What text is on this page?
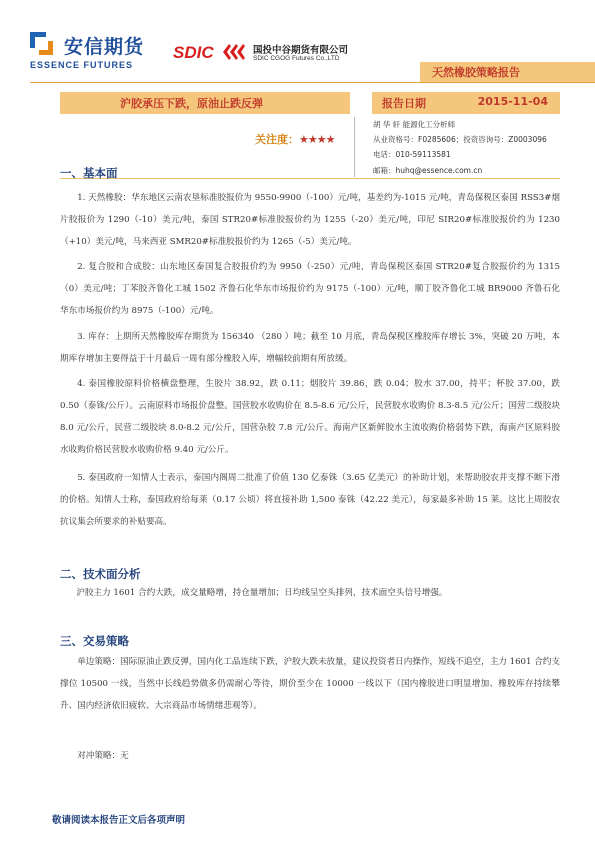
安信期货
ESSENCE FUTURES
SDIC	国投中谷期货有限公司
SDIC CGOG Futures Co.,LTD
天然橡胶策略报告
沪胶承压下跌，原油止跌反弹	报告日期	2015-11-04
关注度：★★★★
胡 华 轩 能源化工分析师
从业资格号：F0285606；投资咨询号：Z0003096
电话：010-59113581
邮箱：huhq@essence.com.cn
一、基本面
1. 天然橡胶：华东地区云南农垦标准胶报价为 9550-9900（-100）元/吨，基差约为-1015 元/吨，青岛保税区泰国 RSS3#烟片胶报价为 1290（-10）美元/吨，泰国 STR20#标准胶报价约为 1255（-20）美元/吨，印尼 SIR20#标准胶报价约为 1230（+10）美元/吨，马来西亚 SMR20#标准胶报价约为 1265（-5）美元/吨。
2. 复合胶和合成胶：山东地区泰国复合胶报价约为 9950（-250）元/吨，青岛保税区泰国 STR20#复合胶报价约为 1315（0）美元/吨；丁苯胶齐鲁化工城 1502 齐鲁石化华东市场报价约为 9175（-100）元/吨，顺丁胶齐鲁化工城 BR9000 齐鲁石化华东市场报价约为 8975（-100）元/吨。
3. 库存：上期所天然橡胶库存期货为 156340 （280 ）吨；截至 10 月底，青岛保税区橡胶库存增长 3%，突破 20 万吨，本期库存增加主要得益于十月最后一周有部分橡胶入库，增幅较前期有所放缓。
4. 泰国橡胶原料价格横盘整理，生胶片 38.92，跌 0.11；烟胶片 39.86，跌 0.04；胶水 37.00，持平；杯胶 37.00，跌 0.50（泰铢/公斤）。云南原料市场报价盘整。国营胶水收购价在 8.5-8.6 元/公斤，民营胶水收购价 8.3-8.5 元/公斤；国营二级胶块 8.0 元/公斤，民营二级胶块 8.0-8.2 元/公斤，国营杂胶 7.8 元/公斤。海南产区新鲜胶水主流收购价格弱势下跌，海南产区原料胶水收购价格民营胶水收购价格 9.40 元/公斤。
5. 泰国政府一知情人士表示，泰国内阁周二批准了价值 130 亿泰铢（3.65 亿美元）的补助计划，来帮助胶农并支撑不断下滑的价格。知情人士称，泰国政府给每莱（0.17 公顷）将直接补助 1,500 泰铢（42.22 美元），每家最多补助 15 莱。这比上周胶农抗议集会所要求的补贴要高。
二、技术面分析
沪胶主力 1601 合约大跌，成交量略增，持仓量增加；日均线呈空头排列，技术面空头信号增强。
三、交易策略
单边策略：国际原油止跌反弹，国内化工品连续下跌，沪胶大跌未放量，建议投资者日内操作，短线不追空，主力 1601 合约支撑位 10500 一线，当然中长线趋势做多仍需耐心等待，期价至少在 10000 一线以下（国内橡胶进口明显增加、橡胶库存持续攀升、国内经济依旧疲软、大宗商品市场情绪悲观等）。
对冲策略：无
敬请阅读本报告正文后各项声明
